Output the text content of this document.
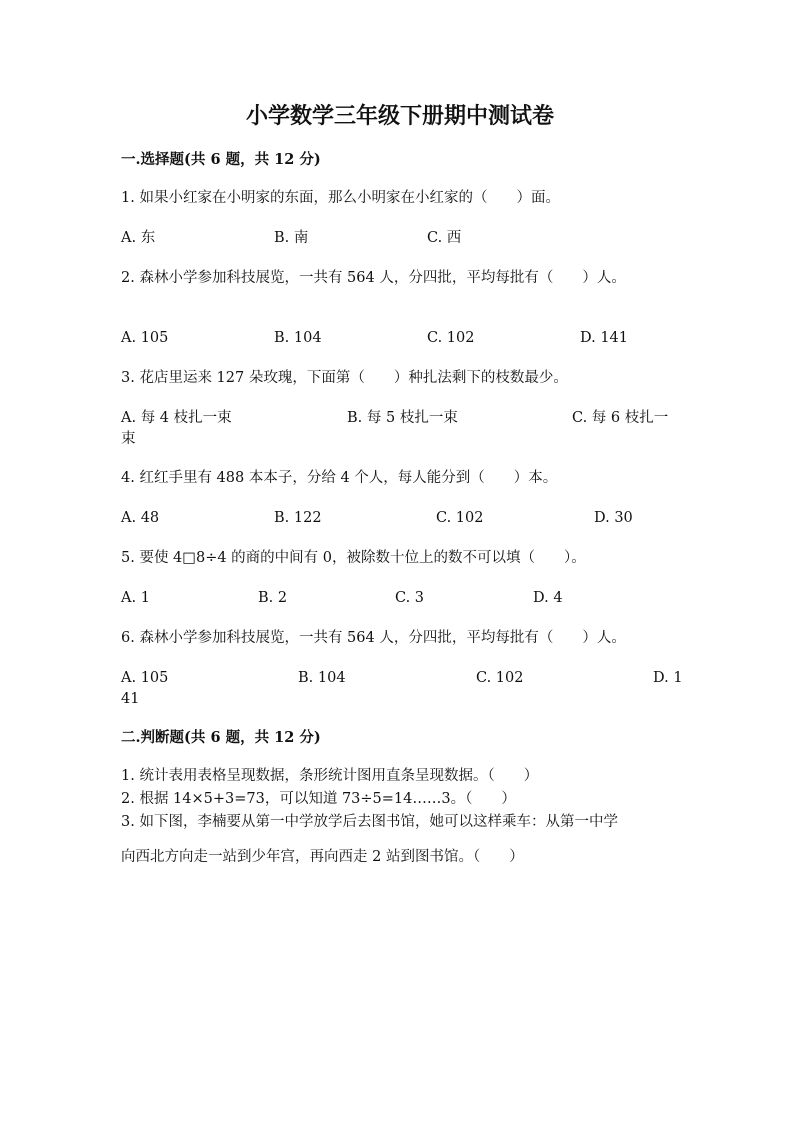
小学数学三年级下册期中测试卷
一.选择题(共 6 题，共 12 分)
1. 如果小红家在小明家的东面，那么小明家在小红家的（　　）面。
A. 东	B. 南	C. 西
2. 森林小学参加科技展览，一共有 564 人，分四批，平均每批有（　　）人。
A. 105	B. 104	C. 102	D. 141
3. 花店里运来 127 朵玫瑰，下面第（　　）种扎法剩下的枝数最少。
A. 每 4 枝扎一束	B. 每 5 枝扎一束	C. 每 6 枝扎一
束
4. 红红手里有 488 本本子，分给 4 个人，每人能分到（　　）本。
A. 48	B. 122	C. 102	D. 30
5. 要使 4□8÷4 的商的中间有 0，被除数十位上的数不可以填（　　）。
A. 1	B. 2	C. 3	D. 4
6. 森林小学参加科技展览，一共有 564 人，分四批，平均每批有（　　）人。
A. 105	B. 104	C. 102	D. 1
41
二.判断题(共 6 题，共 12 分)
1. 统计表用表格呈现数据，条形统计图用直条呈现数据。（　　）
2. 根据 14×5+3=73，可以知道 73÷5=14……3。（　　）
3. 如下图，李楠要从第一中学放学后去图书馆，她可以这样乘车：从第一中学
向西北方向走一站到少年宫，再向西走 2 站到图书馆。（　　）
